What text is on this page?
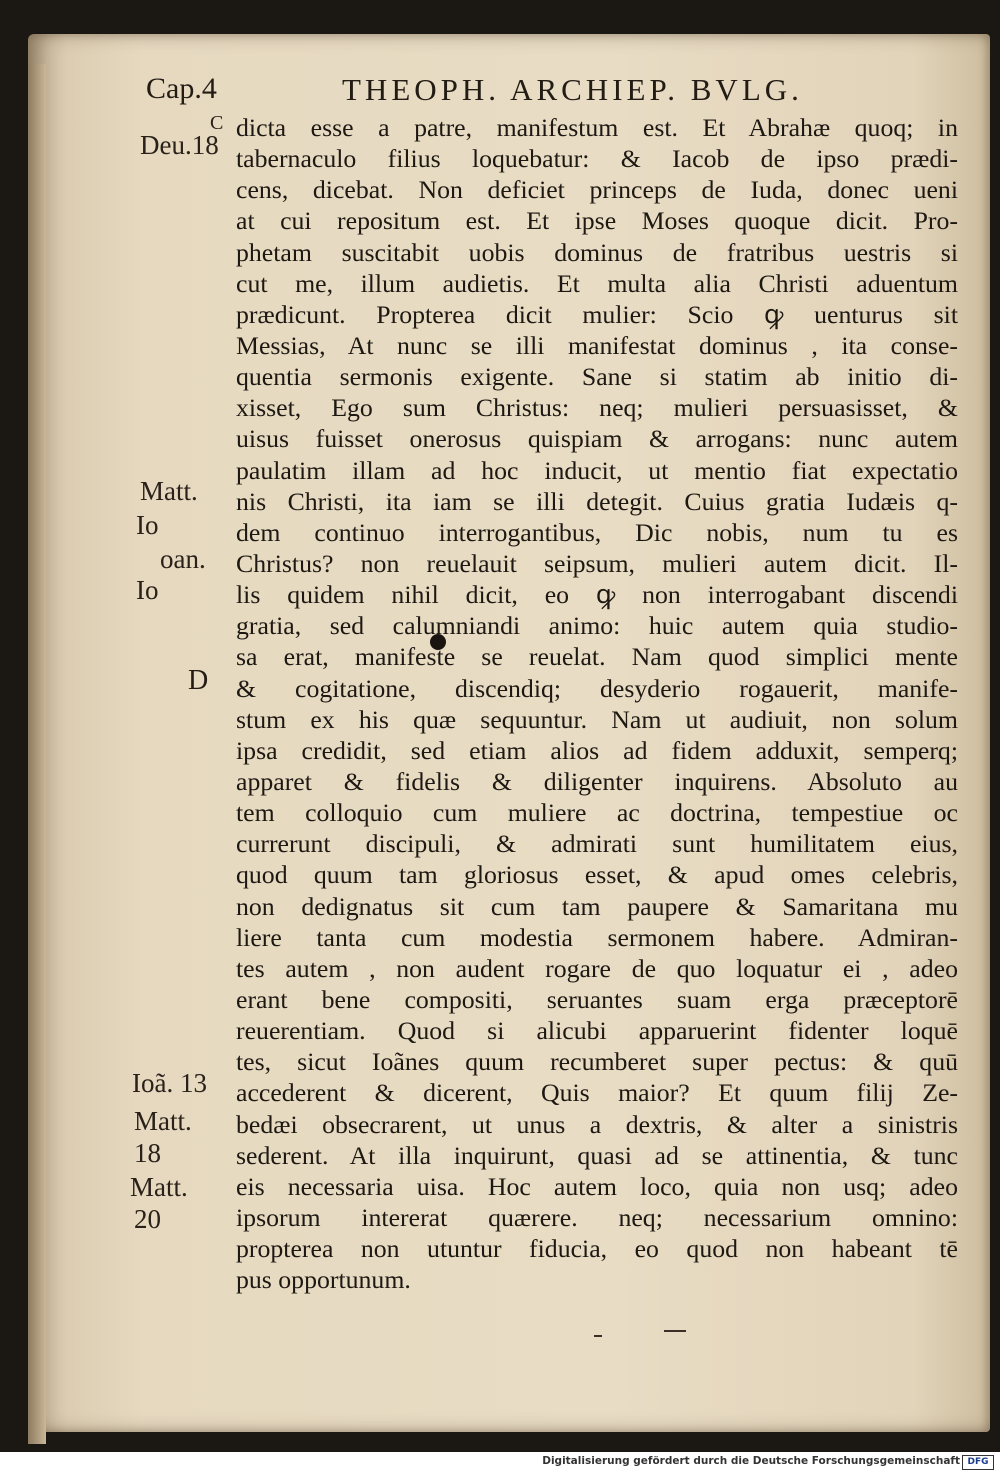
Cap.4	THEOPH. ARCHIEP. BVLG.
C
Deu.18
Matt.
Io
oan.
Io
Ioã. 13
Matt.
18
Matt.
20
D
dicta esse a patre, manifestum est. Et Abrahæ quoq; in
tabernaculo filius loquebatur: & Iacob de ipso prædi-
cens, dicebat. Non deficiet princeps de Iuda, donec ueni
at cui repositum est. Et ipse Moses quoque dicit. Pro-
phetam suscitabit uobis dominus de fratribus uestris si
cut me, illum audietis. Et multa alia Christi aduentum
prædicunt. Propterea dicit mulier: Scio ꝙ uenturus sit
Messias, At nunc se illi manifestat dominus , ita conse-
quentia sermonis exigente. Sane si statim ab initio di-
xisset, Ego sum Christus: neq; mulieri persuasisset, &
uisus fuisset onerosus quispiam & arrogans: nunc autem
paulatim illam ad hoc inducit, ut mentio fiat expectatio
nis Christi, ita iam se illi detegit. Cuius gratia Iudæis q-
dem continuo interrogantibus, Dic nobis, num tu es
Christus? non reuelauit seipsum, mulieri autem dicit. Il-
lis quidem nihil dicit, eo ꝙ non interrogabant discendi
gratia, sed calumniandi animo: huic autem quia studio-
sa erat, manifeste se reuelat. Nam quod simplici mente
& cogitatione, discendiq; desyderio rogauerit, manife-
stum ex his quæ sequuntur. Nam ut audiuit, non solum
ipsa credidit, sed etiam alios ad fidem adduxit, semperq;
apparet & fidelis & diligenter inquirens. Absoluto au
tem colloquio cum muliere ac doctrina, tempestiue oc
currerunt discipuli, & admirati sunt humilitatem eius,
quod quum tam gloriosus esset, & apud omes celebris,
non dedignatus sit cum tam paupere & Samaritana mu
liere tanta cum modestia sermonem habere. Admiran-
tes autem , non audent rogare de quo loquatur ei , adeo
erant bene compositi, seruantes suam erga præceptorē
reuerentiam. Quod si alicubi apparuerint fidenter loquē
tes, sicut Ioãnes quum recumberet super pectus: & quū
accederent & dicerent, Quis maior? Et quum filij Ze-
bedæi obsecrarent, ut unus a dextris, & alter a sinistris
sederent. At illa inquirunt, quasi ad se attinentia, & tunc
eis necessaria uisa. Hoc autem loco, quia non usq; adeo
ipsorum intererat quærere. neq; necessarium omnino:
propterea non utuntur fiducia, eo quod non habeant tē
pus opportunum.
Digitalisierung gefördert durch die Deutsche Forschungsgemeinschaft DFG
